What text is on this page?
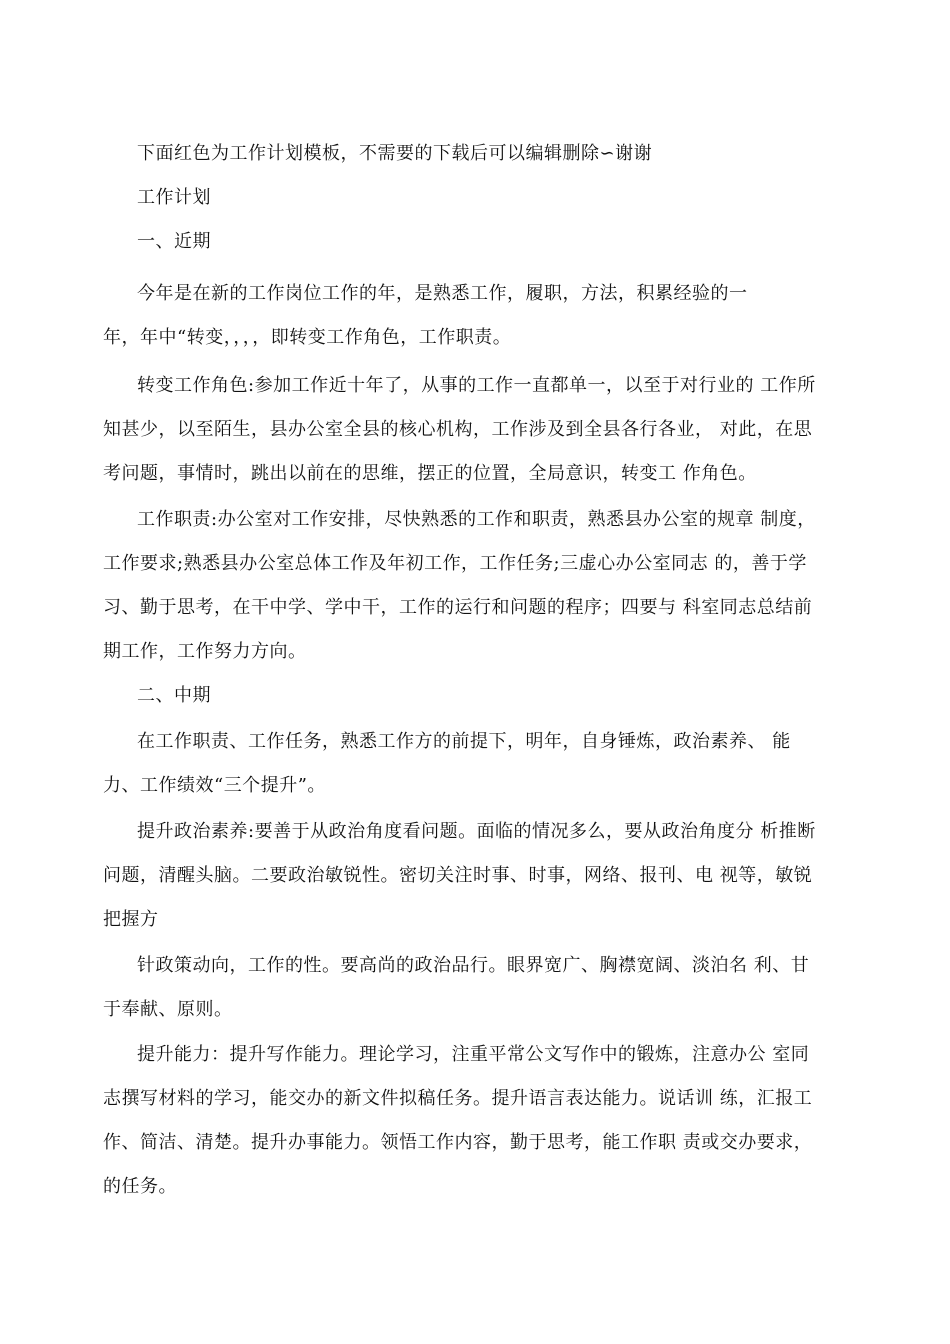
下面红色为工作计划模板，不需要的下载后可以编辑删除∽谢谢
工作计划
一、近期
今年是在新的工作岗位工作的年，是熟悉工作，履职，方法，积累经验的一
年，年中“转变，，，，即转变工作角色，工作职责。
转变工作角色:参加工作近十年了，从事的工作一直都单一，以至于对行业的 工作所
知甚少，以至陌生，县办公室全县的核心机构，工作涉及到全县各行各业， 对此，在思
考问题，事情时，跳出以前在的思维，摆正的位置，全局意识，转变工 作角色。
工作职责:办公室对工作安排，尽快熟悉的工作和职责，熟悉县办公室的规章 制度，
工作要求;熟悉县办公室总体工作及年初工作，工作任务;三虚心办公室同志 的，善于学
习、勤于思考，在干中学、学中干，工作的运行和问题的程序；四要与 科室同志总结前
期工作，工作努力方向。
二、中期
在工作职责、工作任务，熟悉工作方的前提下，明年，自身锤炼，政治素养、 能
力、工作绩效“三个提升”。
提升政治素养:要善于从政治角度看问题。面临的情况多么，要从政治角度分 析推断
问题，清醒头脑。二要政治敏锐性。密切关注时事、时事，网络、报刊、电 视等，敏锐
把握方
针政策动向，工作的性。要高尚的政治品行。眼界宽广、胸襟宽阔、淡泊名 利、甘
于奉献、原则。
提升能力：提升写作能力。理论学习，注重平常公文写作中的锻炼，注意办公 室同
志撰写材料的学习，能交办的新文件拟稿任务。提升语言表达能力。说话训 练，汇报工
作、简洁、清楚。提升办事能力。领悟工作内容，勤于思考，能工作职 责或交办要求，
的任务。
